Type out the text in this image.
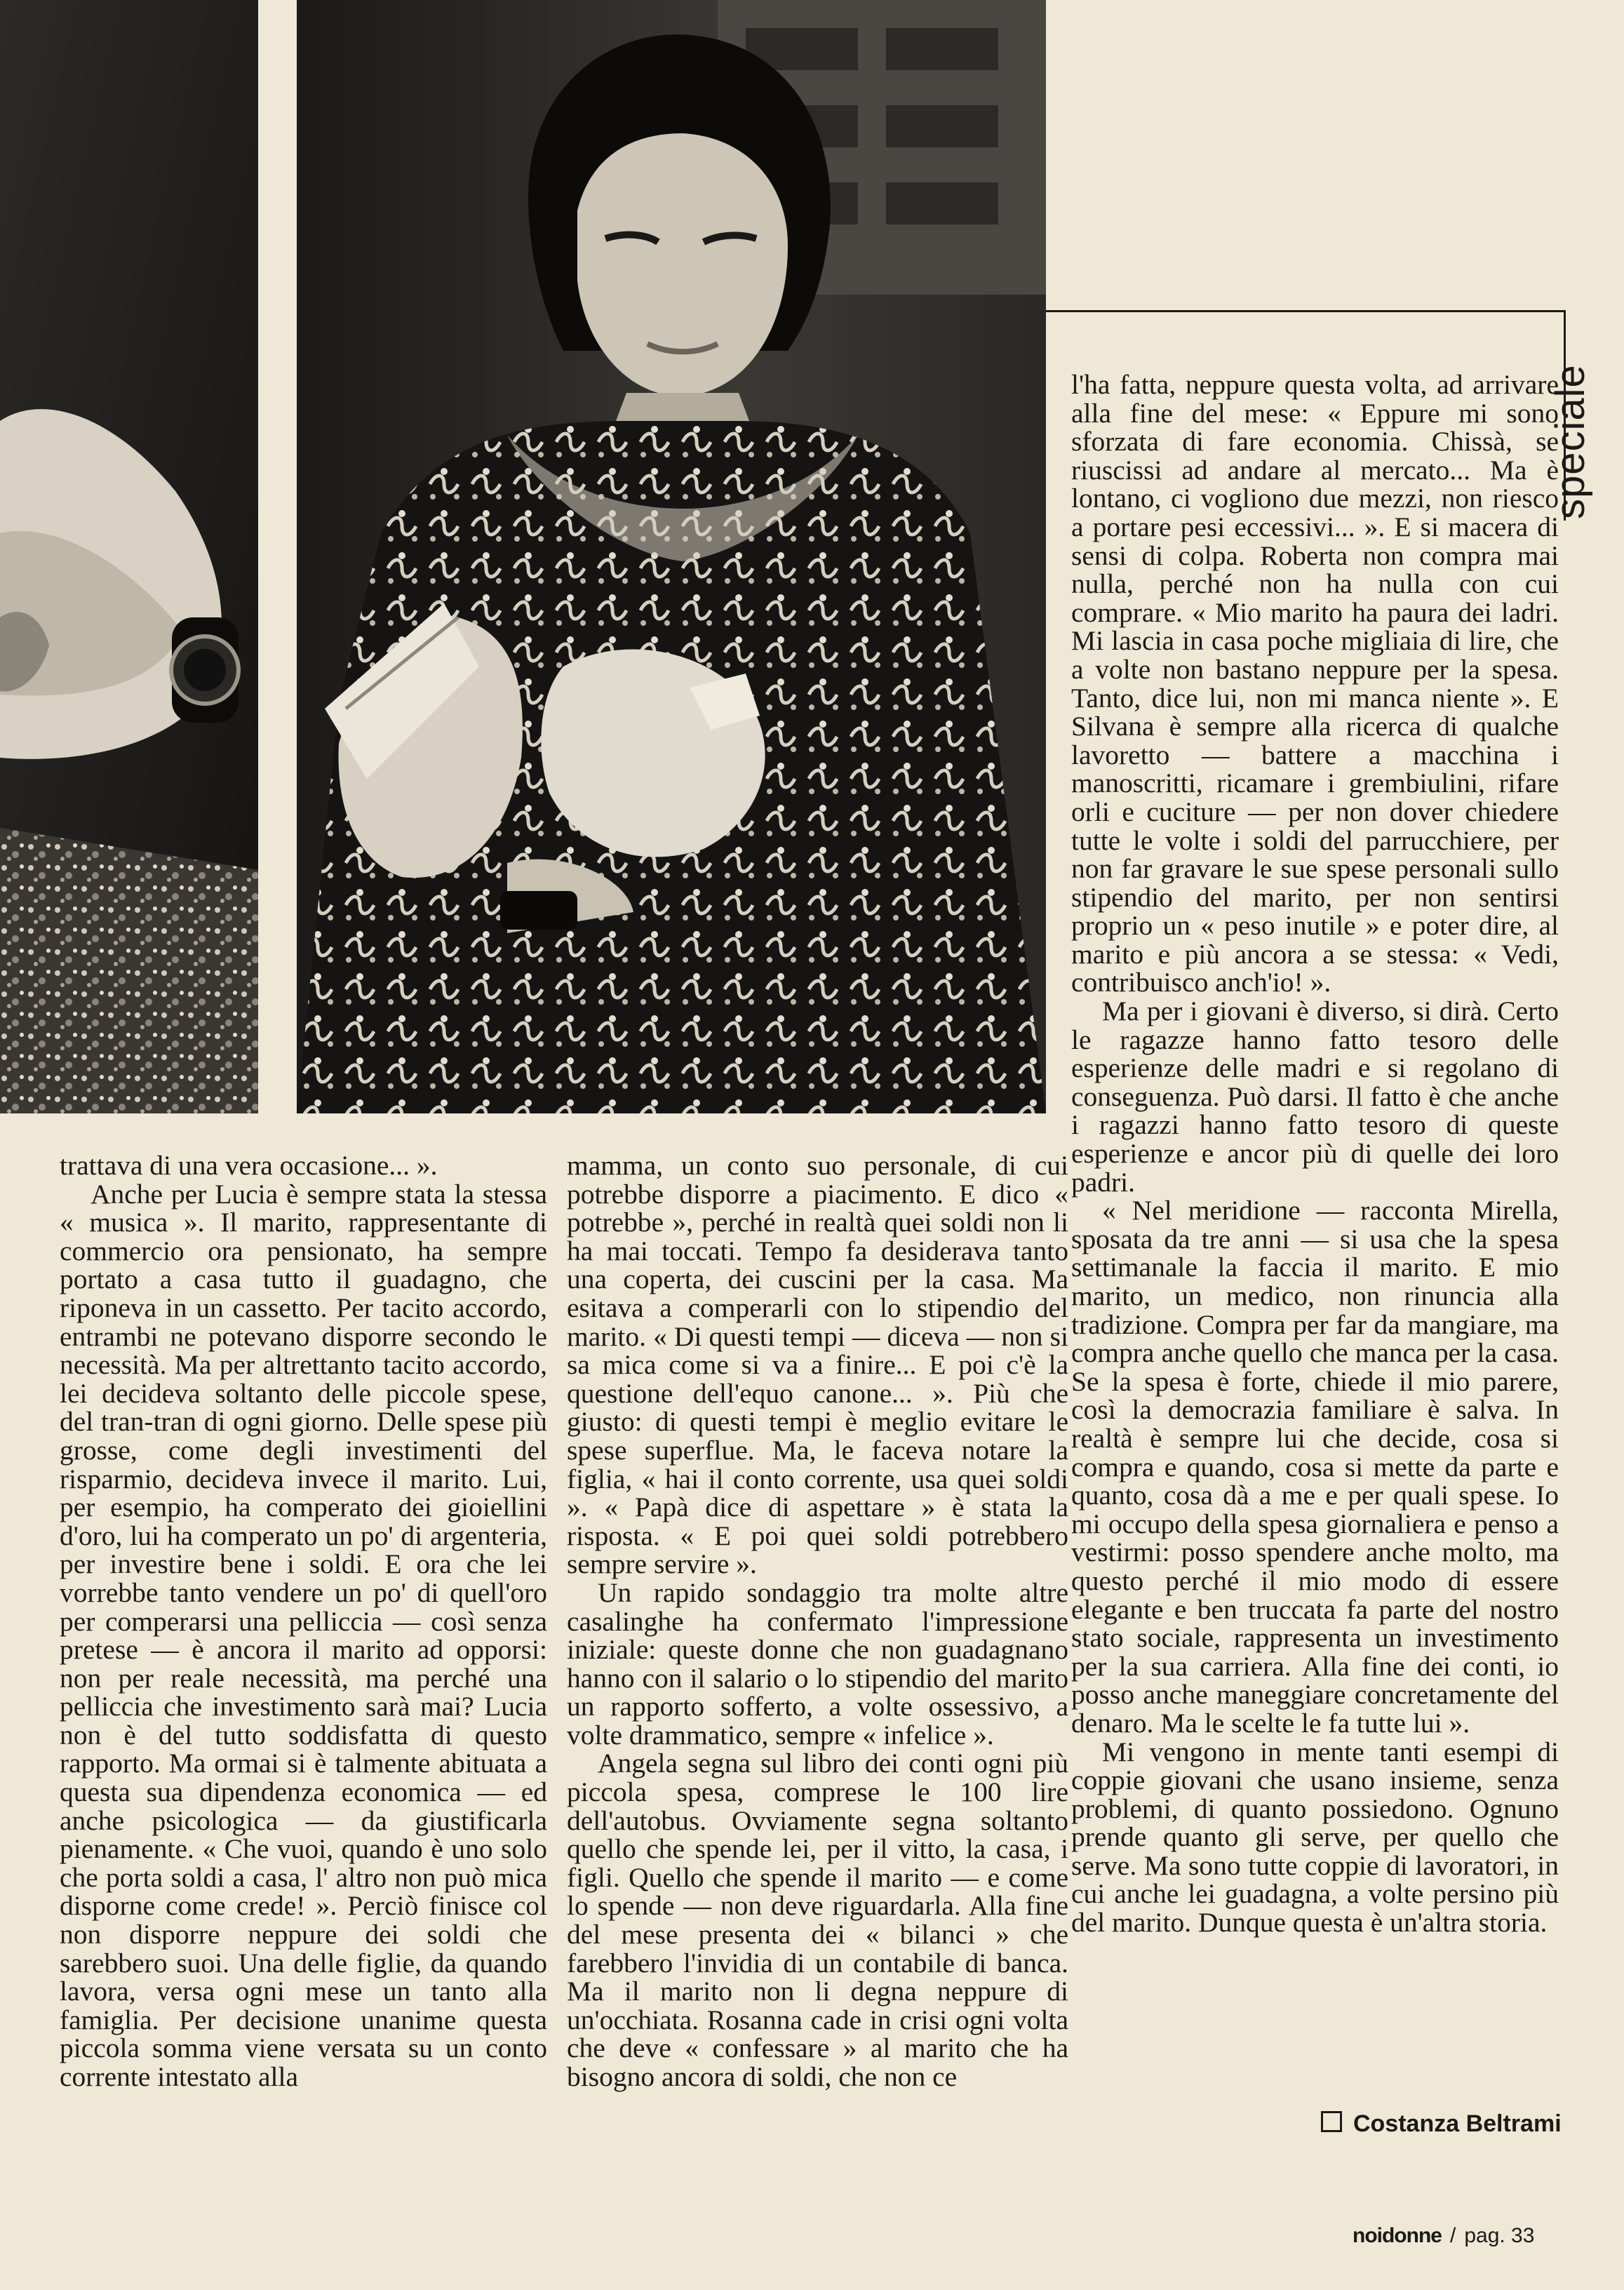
speciale

trattava di una vera occasione... ».

Anche per Lucia è sempre stata la stessa « musica ». Il marito, rappresentante di commercio ora pensionato, ha sempre portato a casa tutto il guadagno, che riponeva in un cassetto. Per tacito accordo, entrambi ne potevano disporre secondo le necessità. Ma per altrettanto tacito accordo, lei decideva soltanto delle piccole spese, del tran-tran di ogni giorno. Delle spese più grosse, come degli investimenti del risparmio, decideva invece il marito. Lui, per esempio, ha comperato dei gioiellini d'oro, lui ha comperato un po' di argenteria, per investire bene i soldi. E ora che lei vorrebbe tanto vendere un po' di quell'oro per comperarsi una pelliccia — così senza pretese — è ancora il marito ad opporsi: non per reale necessità, ma perché una pelliccia che investimento sarà mai? Lucia non è del tutto soddisfatta di questo rapporto. Ma ormai si è talmente abituata a questa sua dipendenza economica — ed anche psicologica — da giustificarla pienamente. « Che vuoi, quando è uno solo che porta soldi a casa, l' altro non può mica disporne come crede! ». Perciò finisce col non disporre neppure dei soldi che sarebbero suoi. Una delle figlie, da quando lavora, versa ogni mese un tanto alla famiglia. Per decisione unanime questa piccola somma viene versata su un conto corrente intestato alla

mamma, un conto suo personale, di cui potrebbe disporre a piacimento. E dico « potrebbe », perché in realtà quei soldi non li ha mai toccati. Tempo fa desiderava tanto una coperta, dei cuscini per la casa. Ma esitava a comperarli con lo stipendio del marito. « Di questi tempi — diceva — non si sa mica come si va a finire... E poi c'è la questione dell'equo canone... ». Più che giusto: di questi tempi è meglio evitare le spese superflue. Ma, le faceva notare la figlia, « hai il conto corrente, usa quei soldi ». « Papà dice di aspettare » è stata la risposta. « E poi quei soldi potrebbero sempre servire ».

Un rapido sondaggio tra molte altre casalinghe ha confermato l'impressione iniziale: queste donne che non guadagnano hanno con il salario o lo stipendio del marito un rapporto sofferto, a volte ossessivo, a volte drammatico, sempre « infelice ».

Angela segna sul libro dei conti ogni più piccola spesa, comprese le 100 lire dell'autobus. Ovviamente segna soltanto quello che spende lei, per il vitto, la casa, i figli. Quello che spende il marito — e come lo spende — non deve riguardarla. Alla fine del mese presenta dei « bilanci » che farebbero l'invidia di un contabile di banca. Ma il marito non li degna neppure di un'occhiata. Rosanna cade in crisi ogni volta che deve « confessare » al marito che ha bisogno ancora di soldi, che non ce

l'ha fatta, neppure questa volta, ad arrivare alla fine del mese: « Eppure mi sono sforzata di fare economia. Chissà, se riuscissi ad andare al mercato... Ma è lontano, ci vogliono due mezzi, non riesco a portare pesi eccessivi... ». E si macera di sensi di colpa. Roberta non compra mai nulla, perché non ha nulla con cui comprare. « Mio marito ha paura dei ladri. Mi lascia in casa poche migliaia di lire, che a volte non bastano neppure per la spesa. Tanto, dice lui, non mi manca niente ». E Silvana è sempre alla ricerca di qualche lavoretto — battere a macchina i manoscritti, ricamare i grembiulini, rifare orli e cuciture — per non dover chiedere tutte le volte i soldi del parrucchiere, per non far gravare le sue spese personali sullo stipendio del marito, per non sentirsi proprio un « peso inutile » e poter dire, al marito e più ancora a se stessa: « Vedi, contribuisco anch'io! ».

Ma per i giovani è diverso, si dirà. Certo le ragazze hanno fatto tesoro delle esperienze delle madri e si regolano di conseguenza. Può darsi. Il fatto è che anche i ragazzi hanno fatto tesoro di queste esperienze e ancor più di quelle dei loro padri.

« Nel meridione — racconta Mirella, sposata da tre anni — si usa che la spesa settimanale la faccia il marito. E mio marito, un medico, non rinuncia alla tradizione. Compra per far da mangiare, ma compra anche quello che manca per la casa. Se la spesa è forte, chiede il mio parere, così la democrazia familiare è salva. In realtà è sempre lui che decide, cosa si compra e quando, cosa si mette da parte e quanto, cosa dà a me e per quali spese. Io mi occupo della spesa giornaliera e penso a vestirmi: posso spendere anche molto, ma questo perché il mio modo di essere elegante e ben truccata fa parte del nostro stato sociale, rappresenta un investimento per la sua carriera. Alla fine dei conti, io posso anche maneggiare concretamente del denaro. Ma le scelte le fa tutte lui ».

Mi vengono in mente tanti esempi di coppie giovani che usano insieme, senza problemi, di quanto possiedono. Ognuno prende quanto gli serve, per quello che serve. Ma sono tutte coppie di lavoratori, in cui anche lei guadagna, a volte persino più del marito. Dunque questa è un'altra storia.

Costanza Beltrami
noidonne / pag. 33
